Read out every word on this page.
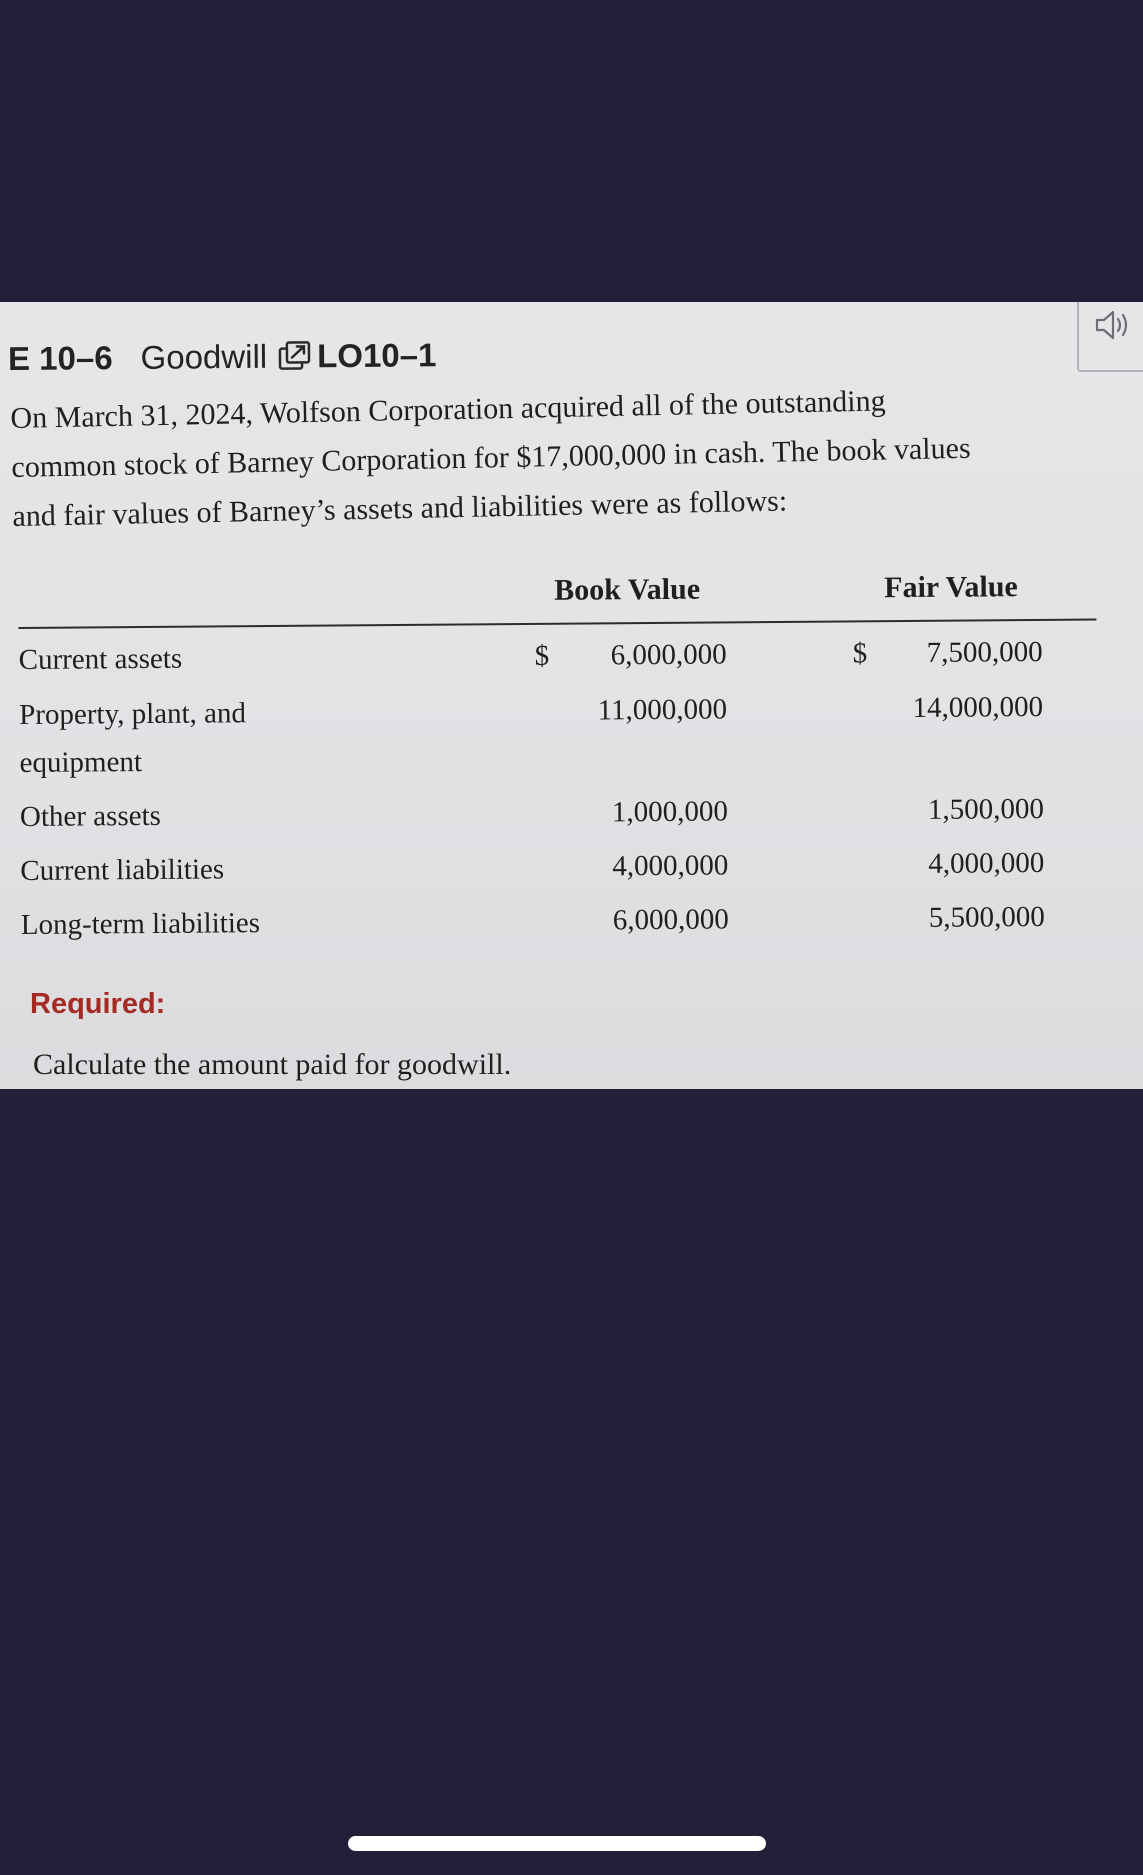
E 10–6 Goodwill LO10–1

On March 31, 2024, Wolfson Corporation acquired all of the outstanding

common stock of Barney Corporation for $17,000,000 in cash. The book values

and fair values of Barney’s assets and liabilities were as follows:

Book Value	Fair Value
Current assets	$	6,000,000	$	7,500,000
Property, plant, and
equipment
11,000,000	14,000,000
Other assets	1,000,000	1,500,000
Current liabilities	4,000,000	4,000,000
Long-term liabilities	6,000,000	5,500,000
Required:
Calculate the amount paid for goodwill.
